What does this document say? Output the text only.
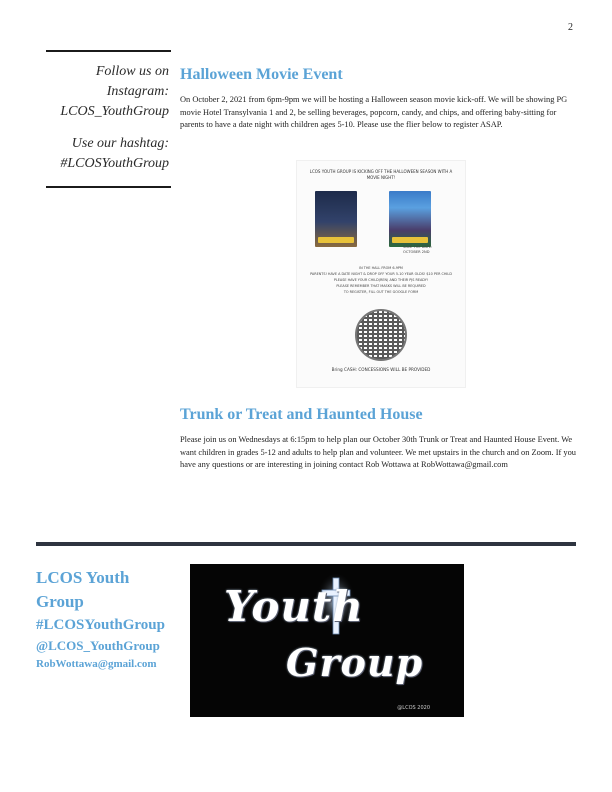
2

Follow us on

Instagram:

LCOS_YouthGroup

Use our hashtag:

#LCOSYouthGroup

Halloween Movie Event

On October 2, 2021 from 6pm-9pm we will be hosting a Halloween season movie kick-off. We will be showing PG movie Hotel Transylvania 1 and 2, be selling beverages, popcorn, candy, and chips, and offering baby-sitting for parents to have a date night with children ages 5-10. Please use the flier below to register ASAP.

LCOS YOUTH GROUP IS KICKING OFF THE HALLOWEEN SEASON WITH A MOVIE NIGHT!
SAVE THE DATE:
OCTOBER 2ND
IN THE HALL FROM 6-9PM
PARENTS! HAVE A DATE NIGHT & DROP OFF YOUR 5-10 YEAR OLDS! $10 PER CHILD
PLEASE HAVE YOUR CHILD(REN) AND THEIR PJS READY!
PLEASE REMEMBER THAT MASKS WILL BE REQUIRED
TO REGISTER, FILL OUT THE GOOGLE FORM
Bring CASH: CONCESSIONS WILL BE PROVIDED
Trunk or Treat and Haunted House

Please join us on Wednesdays at 6:15pm to help plan our October 30th Trunk or Treat and Haunted House Event. We want children in grades 5-12 and adults to help plan and volunteer. We met upstairs in the church and on Zoom. If you have any questions or are interesting in joining contact Rob Wottawa at RobWottawa@gmail.com

LCOS Youth

Group

#LCOSYouthGroup

@LCOS_YouthGroup

RobWottawa@gmail.com

Youth
Group
@LCOS 2020
